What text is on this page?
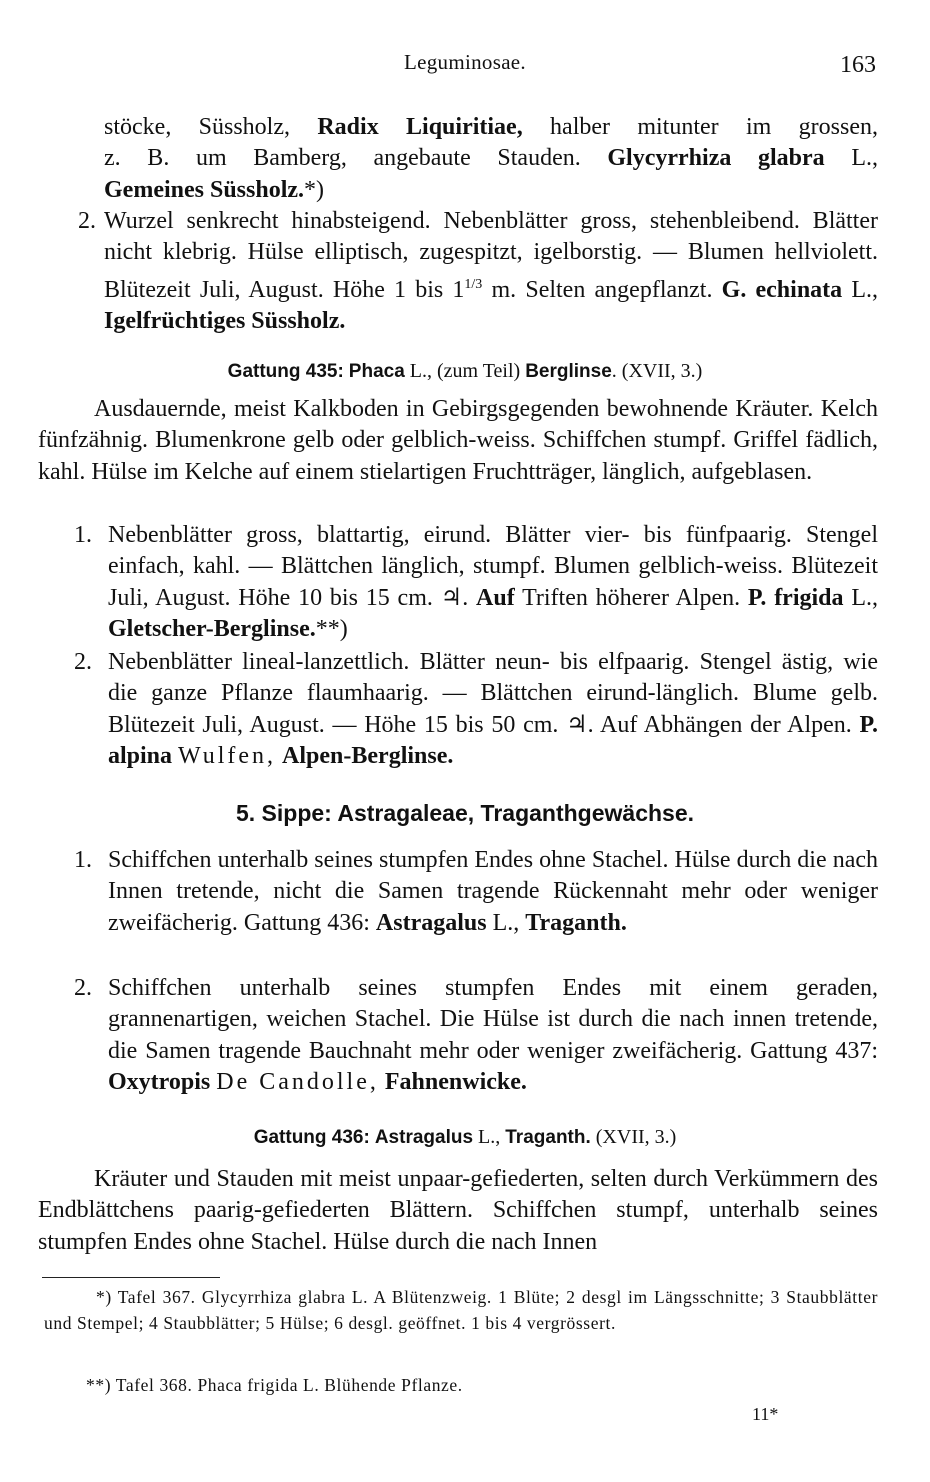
Leguminosae.	163
stöcke, Süssholz, Radix Liquiritiae, halber mitunter im grossen,
z. B. um Bamberg, angebaute Stauden. Glycyrrhiza glabra L.,
Gemeines Süssholz.*)
2. Wurzel senkrecht hinabsteigend. Nebenblätter gross, stehenbleibend. Blätter nicht klebrig. Hülse elliptisch, zugespitzt, igelborstig. — Blumen hellviolett. Blütezeit Juli, August. Höhe 1 bis $1^{1/3}$ m. Selten angepflanzt. G. echinata L., Igelfrüchtiges Süssholz.
Gattung 435: Phaca L., (zum Teil) Berglinse. (XVII, 3.)
Ausdauernde, meist Kalkboden in Gebirgsgegenden bewohnende Kräuter. Kelch fünfzähnig. Blumenkrone gelb oder gelblich-weiss. Schiffchen stumpf. Griffel fädlich, kahl. Hülse im Kelche auf einem stielartigen Fruchtträger, länglich, aufgeblasen.
1. Nebenblätter gross, blattartig, eirund. Blätter vier- bis fünfpaarig. Stengel einfach, kahl. — Blättchen länglich, stumpf. Blumen gelblich-weiss. Blütezeit Juli, August. Höhe 10 bis 15 cm. ♃. Auf Triften höherer Alpen. P. frigida L., Gletscher-Berglinse.**)
2. Nebenblätter lineal-lanzettlich. Blätter neun- bis elfpaarig. Stengel ästig, wie die ganze Pflanze flaumhaarig. — Blättchen eirund-länglich. Blume gelb. Blütezeit Juli, August. — Höhe 15 bis 50 cm. ♃. Auf Abhängen der Alpen. P. alpina Wulfen, Alpen-Berglinse.
5. Sippe: Astragaleae, Traganthgewächse.
1. Schiffchen unterhalb seines stumpfen Endes ohne Stachel. Hülse durch die nach Innen tretende, nicht die Samen tragende Rückennaht mehr oder weniger zweifächerig. Gattung 436: Astragalus L., Traganth.
2. Schiffchen unterhalb seines stumpfen Endes mit einem geraden, grannenartigen, weichen Stachel. Die Hülse ist durch die nach innen tretende, die Samen tragende Bauchnaht mehr oder weniger zweifächerig. Gattung 437: Oxytropis De Candolle, Fahnenwicke.
Gattung 436: Astragalus L., Traganth. (XVII, 3.)
Kräuter und Stauden mit meist unpaar-gefiederten, selten durch Verkümmern des Endblättchens paarig-gefiederten Blättern. Schiffchen stumpf, unterhalb seines stumpfen Endes ohne Stachel. Hülse durch die nach Innen
*) Tafel 367. Glycyrrhiza glabra L. A Blütenzweig. 1 Blüte; 2 desgl im Längsschnitte; 3 Staubblätter und Stempel; 4 Staubblätter; 5 Hülse; 6 desgl. geöffnet. 1 bis 4 vergrössert.
**) Tafel 368. Phaca frigida L. Blühende Pflanze.
11*
